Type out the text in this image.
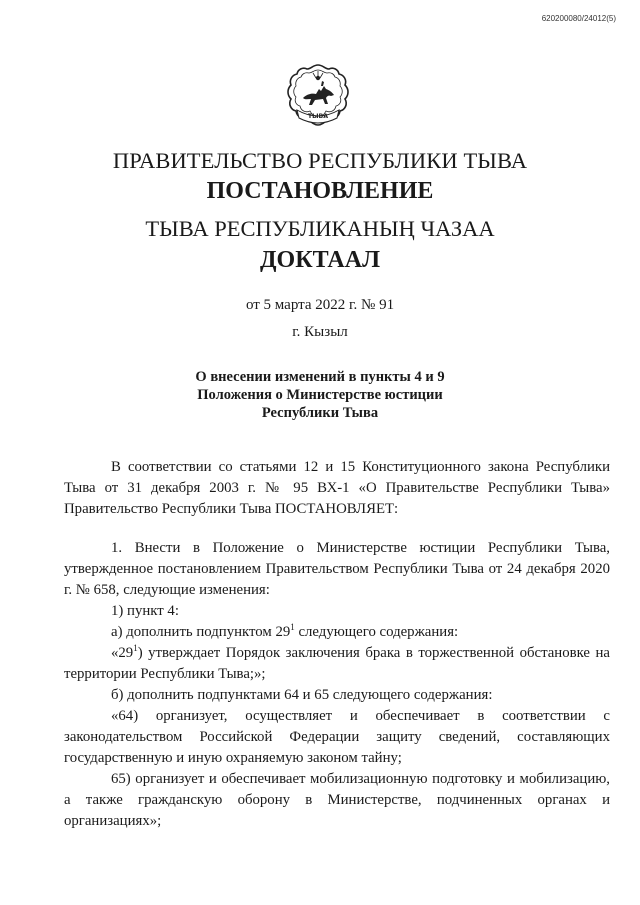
620200080/24012(5)
ТЫВА
ПРАВИТЕЛЬСТВО РЕСПУБЛИКИ ТЫВА
ПОСТАНОВЛЕНИЕ
ТЫВА РЕСПУБЛИКАНЫҢ ЧАЗАА
ДОКТААЛ
от 5 марта 2022 г. № 91
г. Кызыл
О внесении изменений в пункты 4 и 9
Положения о Министерстве юстиции
Республики Тыва

В соответствии со статьями 12 и 15 Конституционного закона Республики Тыва от 31 декабря 2003 г. № 95 ВХ-1 «О Правительстве Республики Тыва» Правительство Республики Тыва ПОСТАНОВЛЯЕТ:

1. Внести в Положение о Министерстве юстиции Республики Тыва, утвержденное постановлением Правительством Республики Тыва от 24 декабря 2020 г. № 658, следующие изменения:

1) пункт 4:

а) дополнить подпунктом $29^1$ следующего содержания:

«$29^1$) утверждает Порядок заключения брака в торжественной обстановке на территории Республики Тыва;»;

б) дополнить подпунктами 64 и 65 следующего содержания:

«64) организует, осуществляет и обеспечивает в соответствии с законодательством Российской Федерации защиту сведений, составляющих государственную и иную охраняемую законом тайну;

65) организует и обеспечивает мобилизационную подготовку и мобилизацию, а также гражданскую оборону в Министерстве, подчиненных органах и организациях»;
